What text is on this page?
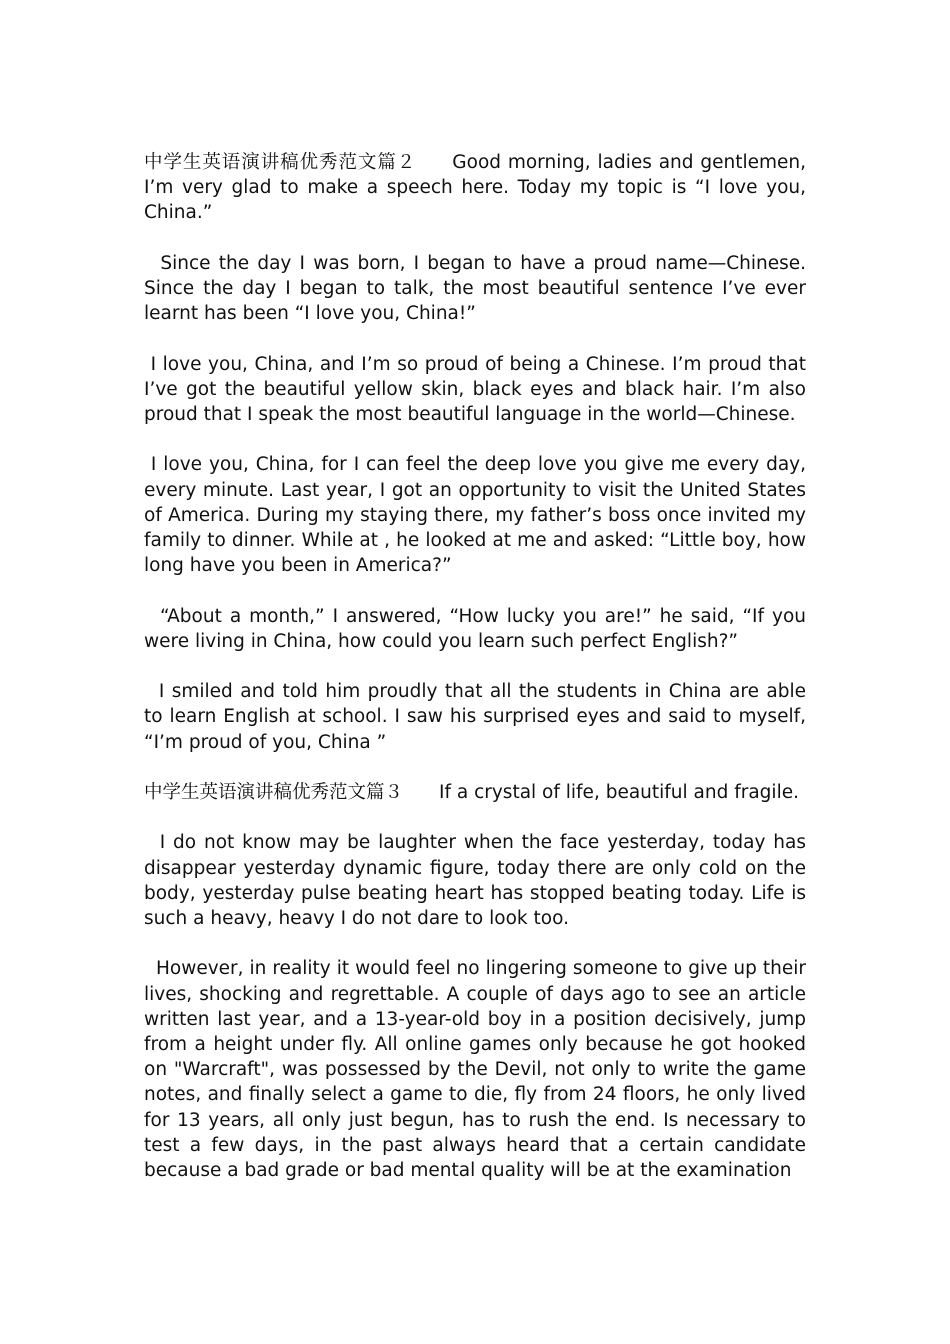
中学生英语演讲稿优秀范文篇２ Good morning, ladies and gentlemen, I’m very glad to make a speech here. Today my topic is “I love you, China.”

Since the day I was born, I began to have a proud name—Chinese. Since the day I began to talk, the most beautiful sentence I’ve ever learnt has been “I love you, China!”

I love you, China, and I’m so proud of being a Chinese. I’m proud that I’ve got the beautiful yellow skin, black eyes and black hair. I’m also proud that I speak the most beautiful language in the world—Chinese.

I love you, China, for I can feel the deep love you give me every day, every minute. Last year, I got an opportunity to visit the United States of America. During my staying there, my father’s boss once invited my family to dinner. While at , he looked at me and asked: “Little boy, how long have you been in America?”

“About a month,” I answered, “How lucky you are!” he said, “If you were living in China, how could you learn such perfect English?”

I smiled and told him proudly that all the students in China are able to learn English at school. I saw his surprised eyes and said to myself, “I’m proud of you, China ”

中学生英语演讲稿优秀范文篇３ If a crystal of life, beautiful and fragile.

I do not know may be laughter when the face yesterday, today has disappear yesterday dynamic figure, today there are only cold on the body, yesterday pulse beating heart has stopped beating today. Life is such a heavy, heavy I do not dare to look too.

However, in reality it would feel no lingering someone to give up their lives, shocking and regrettable. A couple of days ago to see an article written last year, and a 13-year-old boy in a position decisively, jump from a height under fly. All online games only because he got hooked on "Warcraft", was possessed by the Devil, not only to write the game notes, and finally select a game to die, fly from 24 floors, he only lived for 13 years, all only just begun, has to rush the end. Is necessary to test a few days, in the past always heard that a certain candidate because a bad grade or bad mental quality will be at the examination
